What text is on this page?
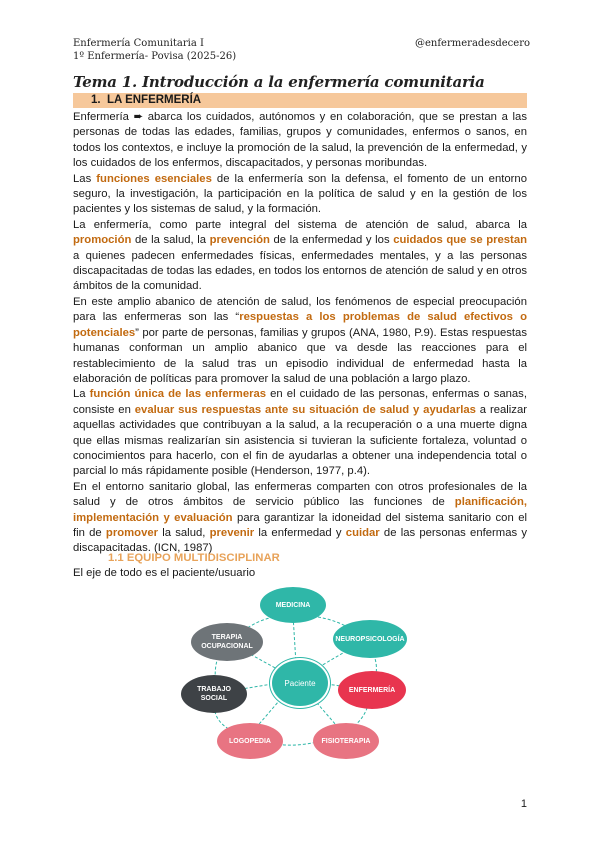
Enfermería Comunitaria I
1º Enfermería- Povisa (2025-26)
@enfermeradesdecero
Tema 1. Introducción a la enfermería comunitaria
1. LA ENFERMERÍA

Enfermería ➨ abarca los cuidados, autónomos y en colaboración, que se prestan a las personas de todas las edades, familias, grupos y comunidades, enfermos o sanos, en todos los contextos, e incluye la promoción de la salud, la prevención de la enfermedad, y los cuidados de los enfermos, discapacitados, y personas moribundas.

Las funciones esenciales de la enfermería son la defensa, el fomento de un entorno seguro, la investigación, la participación en la política de salud y en la gestión de los pacientes y los sistemas de salud, y la formación.

La enfermería, como parte integral del sistema de atención de salud, abarca la promoción de la salud, la prevención de la enfermedad y los cuidados que se prestan a quienes padecen enfermedades físicas, enfermedades mentales, y a las personas discapacitadas de todas las edades, en todos los entornos de atención de salud y en otros ámbitos de la comunidad.

En este amplio abanico de atención de salud, los fenómenos de especial preocupación para las enfermeras son las “respuestas a los problemas de salud efectivos o potenciales” por parte de personas, familias y grupos (ANA, 1980, P.9). Estas respuestas humanas conforman un amplio abanico que va desde las reacciones para el restablecimiento de la salud tras un episodio individual de enfermedad hasta la elaboración de políticas para promover la salud de una población a largo plazo.

La función única de las enfermeras en el cuidado de las personas, enfermas o sanas, consiste en evaluar sus respuestas ante su situación de salud y ayudarlas a realizar aquellas actividades que contribuyan a la salud, a la recuperación o a una muerte digna que ellas mismas realizarían sin asistencia si tuvieran la suficiente fortaleza, voluntad o conocimientos para hacerlo, con el fin de ayudarlas a obtener una independencia total o parcial lo más rápidamente posible (Henderson, 1977, p.4).

En el entorno sanitario global, las enfermeras comparten con otros profesionales de la salud y de otros ámbitos de servicio público las funciones de planificación, implementación y evaluación para garantizar la idoneidad del sistema sanitario con el fin de promover la salud, prevenir la enfermedad y cuidar de las personas enfermas y discapacitadas. (ICN, 1987)

1.1 EQUIPO MULTIDISCIPLINAR
El eje de todo es el paciente/usuario
MEDICINA
NEUROPSICOLOGÍA
ENFERMERÍA
FISIOTERAPIA
LOGOPEDIA
TRABAJO SOCIAL
TERAPIA OCUPACIONAL
Paciente
1
